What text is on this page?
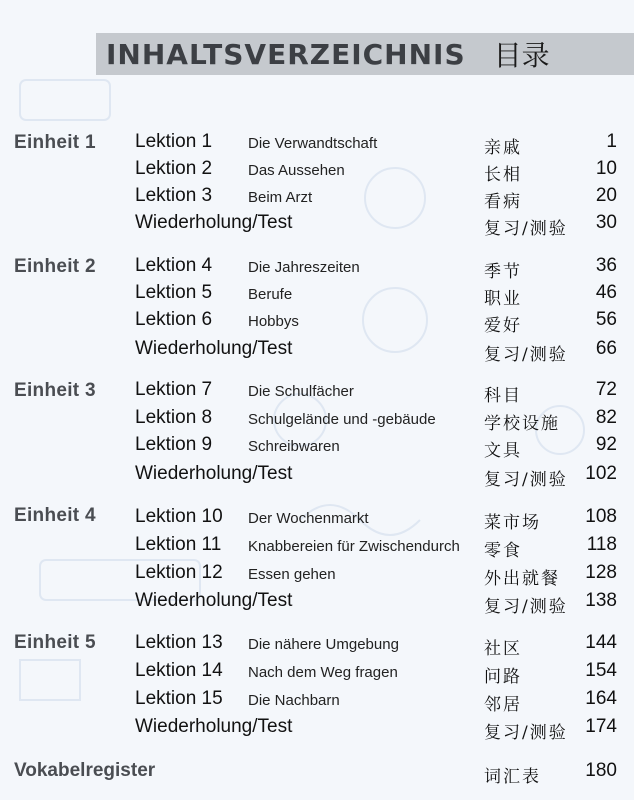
INHALTSVERZEICHNIS 目录
Einheit 1 Lektion 1 Die Verwandtschaft	亲戚	1
Lektion 2 Das Aussehen	长相	10
Lektion 3 Beim Arzt	看病	20
Wiederholung/Test	复习/测验 30
Einheit 2 Lektion 4 Die Jahreszeiten	季节	36
Lektion 5 Berufe	职业	46
Lektion 6 Hobbys	爱好	56
Wiederholung/Test	复习/测验 66
Einheit 3 Lektion 7 Die Schulfächer	科目	72
Lektion 8 Schulgelände und -gebäude	学校设施 82
Lektion 9 Schreibwaren	文具	92
Wiederholung/Test	复习/测验 102
Einheit 4 Lektion 10 Der Wochenmarkt	菜市场 108
Lektion 11 Knabbereien für Zwischendurch 零食	118
Lektion 12 Essen gehen	外出就餐 128
Wiederholung/Test	复习/测验 138
Einheit 5 Lektion 13 Die nähere Umgebung	社区	144
Lektion 14 Nach dem Weg fragen	问路	154
Lektion 15 Die Nachbarn	邻居	164
Wiederholung/Test	复习/测验 174
Vokabelregister	词汇表 180
